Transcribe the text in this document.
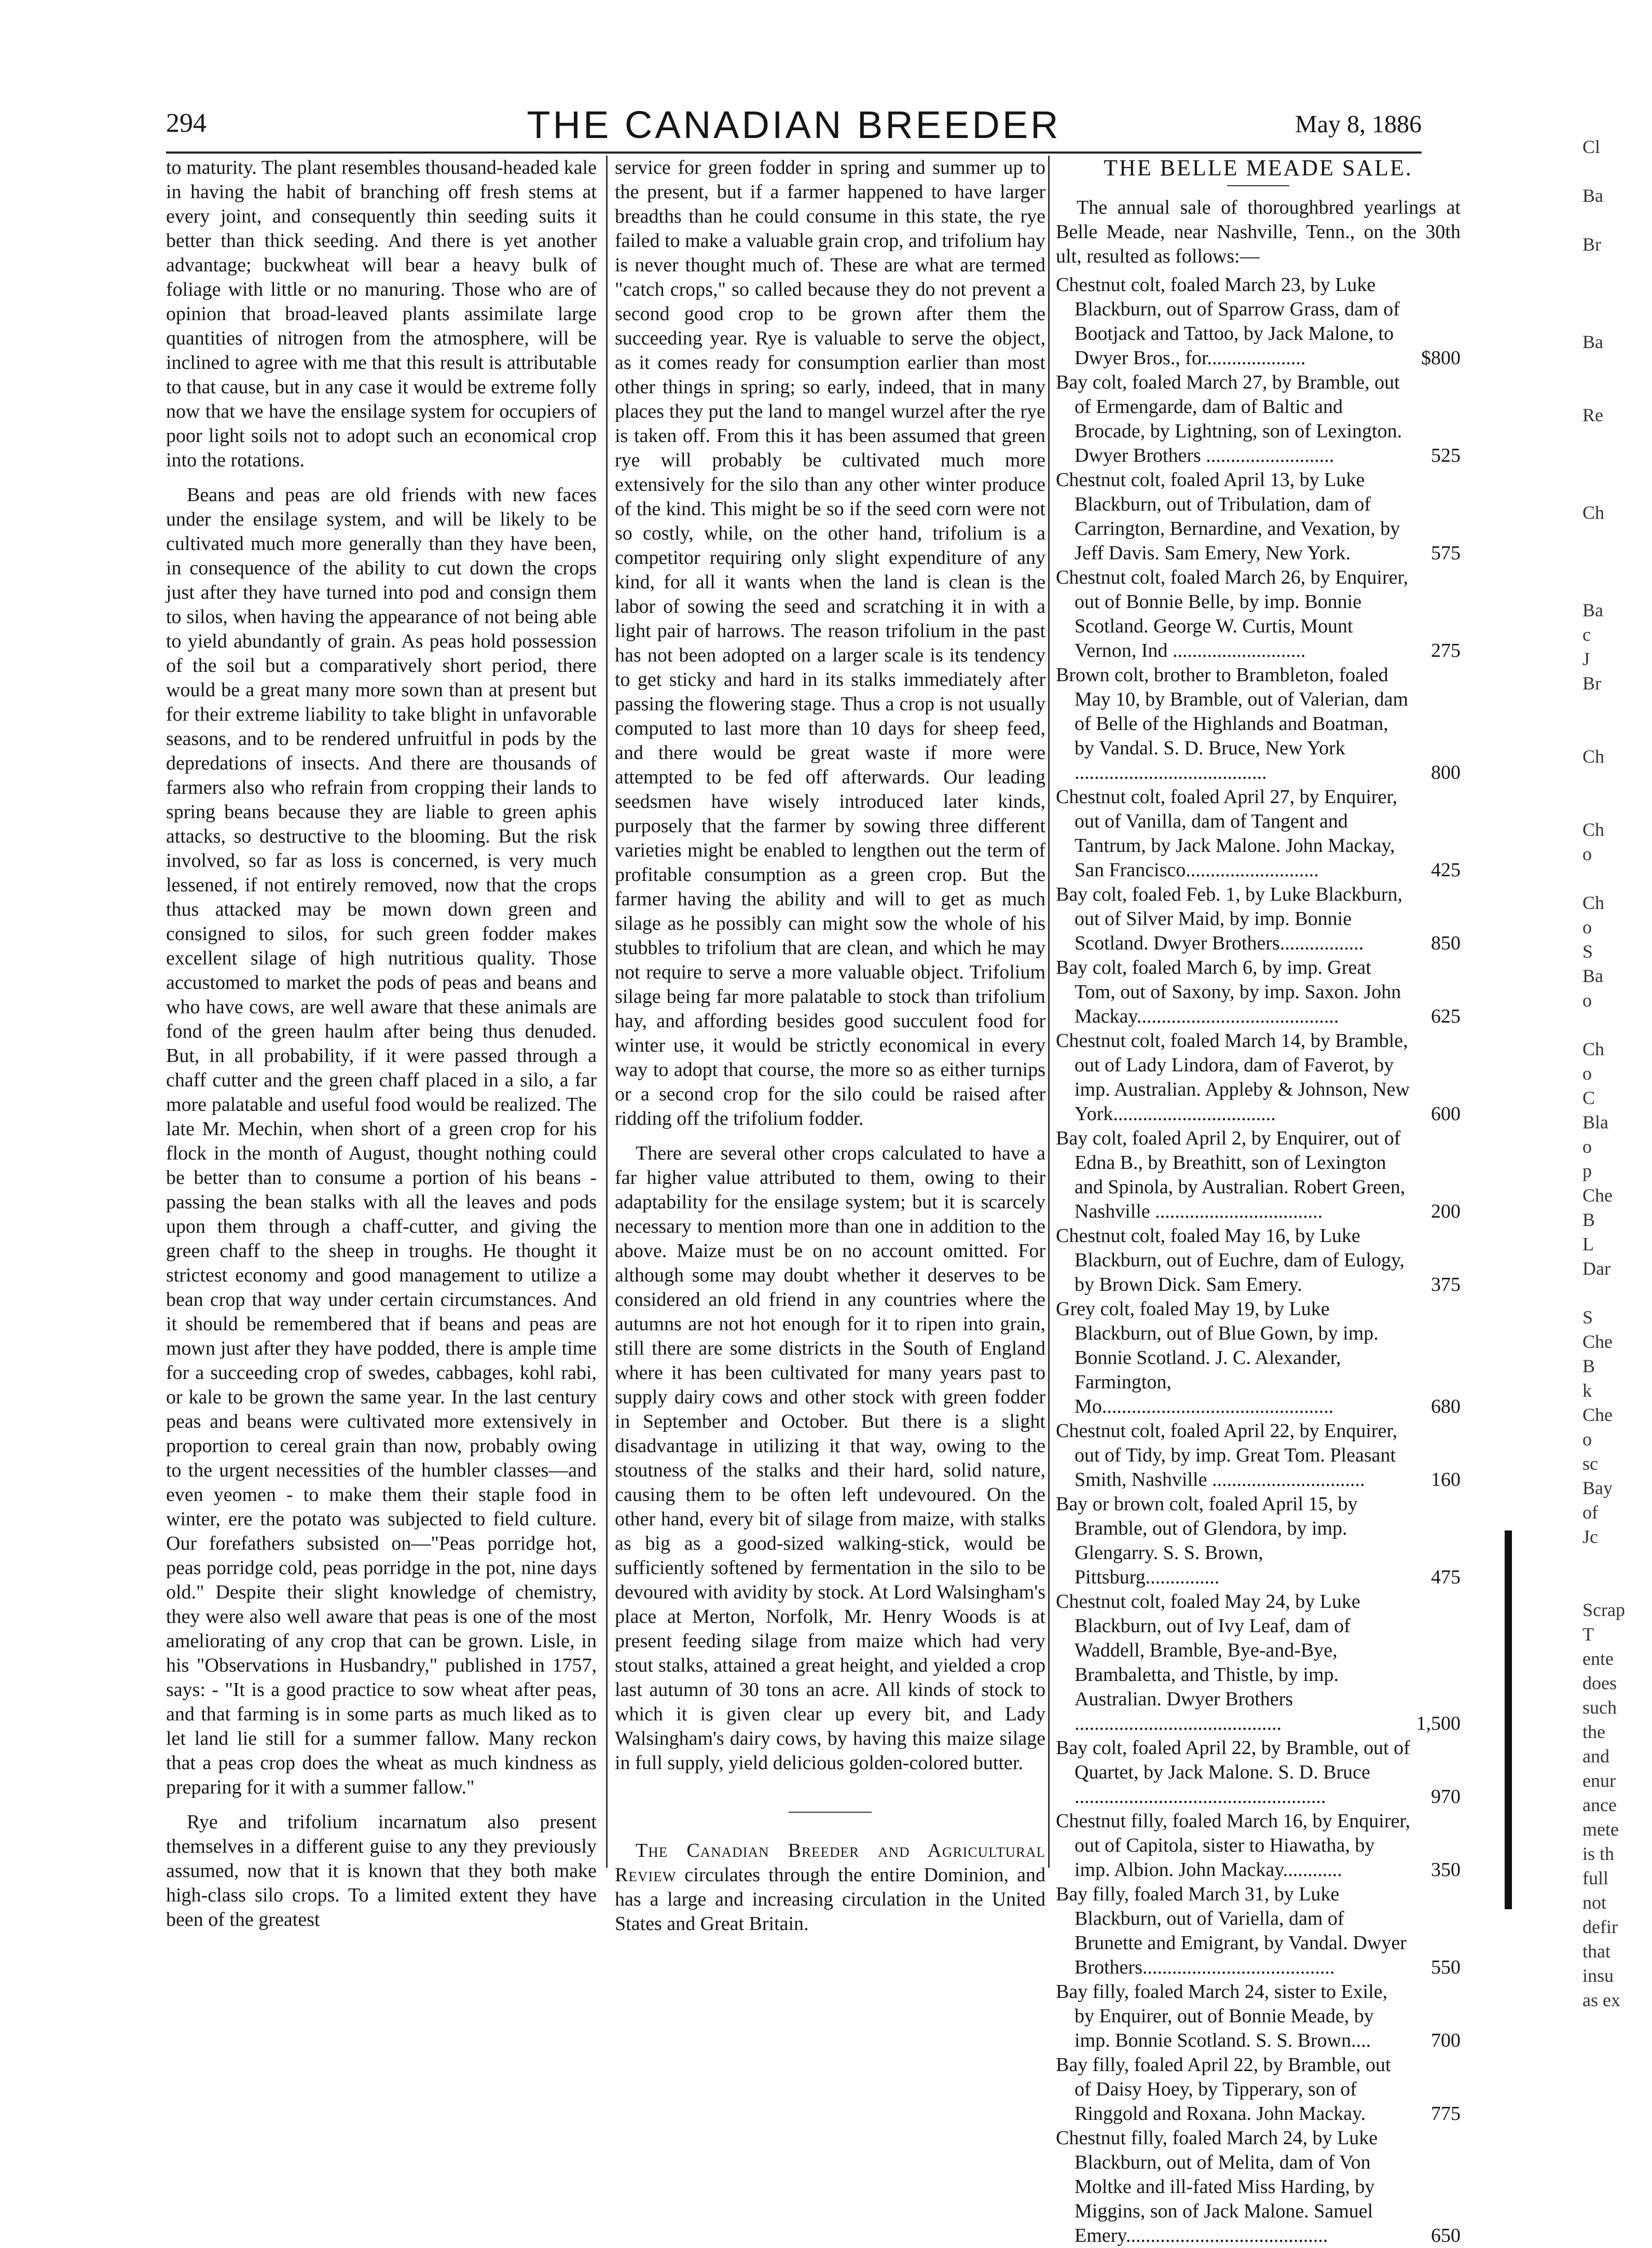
294	THE CANADIAN BREEDER	May 8, 1886

to maturity. The plant resembles thousand-headed kale in having the habit of branching off fresh stems at every joint, and consequently thin seeding suits it better than thick seeding. And there is yet another advantage; buckwheat will bear a heavy bulk of foliage with little or no manuring. Those who are of opinion that broad-leaved plants assimilate large quantities of nitrogen from the atmosphere, will be inclined to agree with me that this result is attributable to that cause, but in any case it would be extreme folly now that we have the ensilage system for occupiers of poor light soils not to adopt such an economical crop into the rotations.

Beans and peas are old friends with new faces under the ensilage system, and will be likely to be cultivated much more generally than they have been, in consequence of the ability to cut down the crops just after they have turned into pod and consign them to silos, when having the appearance of not being able to yield abundantly of grain. As peas hold possession of the soil but a comparatively short period, there would be a great many more sown than at present but for their extreme liability to take blight in unfavorable seasons, and to be rendered unfruitful in pods by the depredations of insects. And there are thousands of farmers also who refrain from cropping their lands to spring beans because they are liable to green aphis attacks, so destructive to the blooming. But the risk involved, so far as loss is concerned, is very much lessened, if not entirely removed, now that the crops thus attacked may be mown down green and consigned to silos, for such green fodder makes excellent silage of high nutritious quality. Those accustomed to market the pods of peas and beans and who have cows, are well aware that these animals are fond of the green haulm after being thus denuded. But, in all probability, if it were passed through a chaff cutter and the green chaff placed in a silo, a far more palatable and useful food would be realized. The late Mr. Mechin, when short of a green crop for his flock in the month of August, thought nothing could be better than to consume a portion of his beans - passing the bean stalks with all the leaves and pods upon them through a chaff-cutter, and giving the green chaff to the sheep in troughs. He thought it strictest economy and good management to utilize a bean crop that way under certain circumstances. And it should be remembered that if beans and peas are mown just after they have podded, there is ample time for a succeeding crop of swedes, cabbages, kohl rabi, or kale to be grown the same year. In the last century peas and beans were cultivated more extensively in proportion to cereal grain than now, probably owing to the urgent necessities of the humbler classes—and even yeomen - to make them their staple food in winter, ere the potato was subjected to field culture. Our forefathers subsisted on—"Peas porridge hot, peas porridge cold, peas porridge in the pot, nine days old." Despite their slight knowledge of chemistry, they were also well aware that peas is one of the most ameliorating of any crop that can be grown. Lisle, in his "Observations in Husbandry," published in 1757, says: - "It is a good practice to sow wheat after peas, and that farming is in some parts as much liked as to let land lie still for a summer fallow. Many reckon that a peas crop does the wheat as much kindness as preparing for it with a summer fallow."

Rye and trifolium incarnatum also present themselves in a different guise to any they previously assumed, now that it is known that they both make high-class silo crops. To a limited extent they have been of the greatest

service for green fodder in spring and summer up to the present, but if a farmer happened to have larger breadths than he could consume in this state, the rye failed to make a valuable grain crop, and trifolium hay is never thought much of. These are what are termed "catch crops," so called because they do not prevent a second good crop to be grown after them the succeeding year. Rye is valuable to serve the object, as it comes ready for consumption earlier than most other things in spring; so early, indeed, that in many places they put the land to mangel wurzel after the rye is taken off. From this it has been assumed that green rye will probably be cultivated much more extensively for the silo than any other winter produce of the kind. This might be so if the seed corn were not so costly, while, on the other hand, trifolium is a competitor requiring only slight expenditure of any kind, for all it wants when the land is clean is the labor of sowing the seed and scratching it in with a light pair of harrows. The reason trifolium in the past has not been adopted on a larger scale is its tendency to get sticky and hard in its stalks immediately after passing the flowering stage. Thus a crop is not usually computed to last more than 10 days for sheep feed, and there would be great waste if more were attempted to be fed off afterwards. Our leading seedsmen have wisely introduced later kinds, purposely that the farmer by sowing three different varieties might be enabled to lengthen out the term of profitable consumption as a green crop. But the farmer having the ability and will to get as much silage as he possibly can might sow the whole of his stubbles to trifolium that are clean, and which he may not require to serve a more valuable object. Trifolium silage being far more palatable to stock than trifolium hay, and affording besides good succulent food for winter use, it would be strictly economical in every way to adopt that course, the more so as either turnips or a second crop for the silo could be raised after ridding off the trifolium fodder.

There are several other crops calculated to have a far higher value attributed to them, owing to their adaptability for the ensilage system; but it is scarcely necessary to mention more than one in addition to the above. Maize must be on no account omitted. For although some may doubt whether it deserves to be considered an old friend in any countries where the autumns are not hot enough for it to ripen into grain, still there are some districts in the South of England where it has been cultivated for many years past to supply dairy cows and other stock with green fodder in September and October. But there is a slight disadvantage in utilizing it that way, owing to the stoutness of the stalks and their hard, solid nature, causing them to be often left undevoured. On the other hand, every bit of silage from maize, with stalks as big as a good-sized walking-stick, would be sufficiently softened by fermentation in the silo to be devoured with avidity by stock. At Lord Walsingham's place at Merton, Norfolk, Mr. Henry Woods is at present feeding silage from maize which had very stout stalks, attained a great height, and yielded a crop last autumn of 30 tons an acre. All kinds of stock to which it is given clear up every bit, and Lady Walsingham's dairy cows, by having this maize silage in full supply, yield delicious golden-colored butter.

The Canadian Breeder and Agricultural Review circulates through the entire Dominion, and has a large and increasing circulation in the United States and Great Britain.

THE BELLE MEADE SALE.

The annual sale of thoroughbred yearlings at Belle Meade, near Nashville, Tenn., on the 30th ult, resulted as follows:—

Chestnut colt, foaled March 23, by Luke Blackburn, out of Sparrow Grass, dam of Bootjack and Tattoo, by Jack Malone, to Dwyer Bros., for....................	$800
Bay colt, foaled March 27, by Bramble, out of Ermengarde, dam of Baltic and Brocade, by Lightning, son of Lexington. Dwyer Brothers ..........................	525
Chestnut colt, foaled April 13, by Luke Blackburn, out of Tribulation, dam of Carrington, Bernardine, and Vexation, by Jeff Davis. Sam Emery, New York.	575
Chestnut colt, foaled March 26, by Enquirer, out of Bonnie Belle, by imp. Bonnie Scotland. George W. Curtis, Mount Vernon, Ind ...........................	275
Brown colt, brother to Brambleton, foaled May 10, by Bramble, out of Valerian, dam of Belle of the Highlands and Boatman, by Vandal. S. D. Bruce, New York .......................................	800
Chestnut colt, foaled April 27, by Enquirer, out of Vanilla, dam of Tangent and Tantrum, by Jack Malone. John Mackay, San Francisco...........................	425
Bay colt, foaled Feb. 1, by Luke Blackburn, out of Silver Maid, by imp. Bonnie Scotland. Dwyer Brothers.................	850
Bay colt, foaled March 6, by imp. Great Tom, out of Saxony, by imp. Saxon. John Mackay.........................................	625
Chestnut colt, foaled March 14, by Bramble, out of Lady Lindora, dam of Faverot, by imp. Australian. Appleby & Johnson, New York.................................	600
Bay colt, foaled April 2, by Enquirer, out of Edna B., by Breathitt, son of Lexington and Spinola, by Australian. Robert Green, Nashville ..................................	200
Chestnut colt, foaled May 16, by Luke Blackburn, out of Euchre, dam of Eulogy, by Brown Dick. Sam Emery.	375
Grey colt, foaled May 19, by Luke Blackburn, out of Blue Gown, by imp. Bonnie Scotland. J. C. Alexander, Farmington, Mo...............................................	680
Chestnut colt, foaled April 22, by Enquirer, out of Tidy, by imp. Great Tom. Pleasant Smith, Nashville ...............................	160
Bay or brown colt, foaled April 15, by Bramble, out of Glendora, by imp. Glengarry. S. S. Brown, Pittsburg...............	475
Chestnut colt, foaled May 24, by Luke Blackburn, out of Ivy Leaf, dam of Waddell, Bramble, Bye-and-Bye, Brambaletta, and Thistle, by imp. Australian. Dwyer Brothers ..........................................	1,500
Bay colt, foaled April 22, by Bramble, out of Quartet, by Jack Malone. S. D. Bruce ...................................................	970
Chestnut filly, foaled March 16, by Enquirer, out of Capitola, sister to Hiawatha, by imp. Albion. John Mackay............	350
Bay filly, foaled March 31, by Luke Blackburn, out of Variella, dam of Brunette and Emigrant, by Vandal. Dwyer Brothers.......................................	550
Bay filly, foaled March 24, sister to Exile, by Enquirer, out of Bonnie Meade, by imp. Bonnie Scotland. S. S. Brown....	700
Bay filly, foaled April 22, by Bramble, out of Daisy Hoey, by Tipperary, son of Ringgold and Roxana. John Mackay.	775
Chestnut filly, foaled March 24, by Luke Blackburn, out of Melita, dam of Von Moltke and ill-fated Miss Harding, by Miggins, son of Jack Malone. Samuel Emery.........................................	650
Cl
Ba
Br
Ba
Re
Ch
Ba
c
J
Br
Ch
Ch
o
Ch
o
S
Ba
o
Ch
o
C
Bla
o
p
Che
B
L
Dar
S
Che
B
k
Che
o
sc
Bay
of
Jc
Scrap
T
ente
does
such
the
and
enur
ance
mete
is th
full
not
defir
that
insu
as ex
